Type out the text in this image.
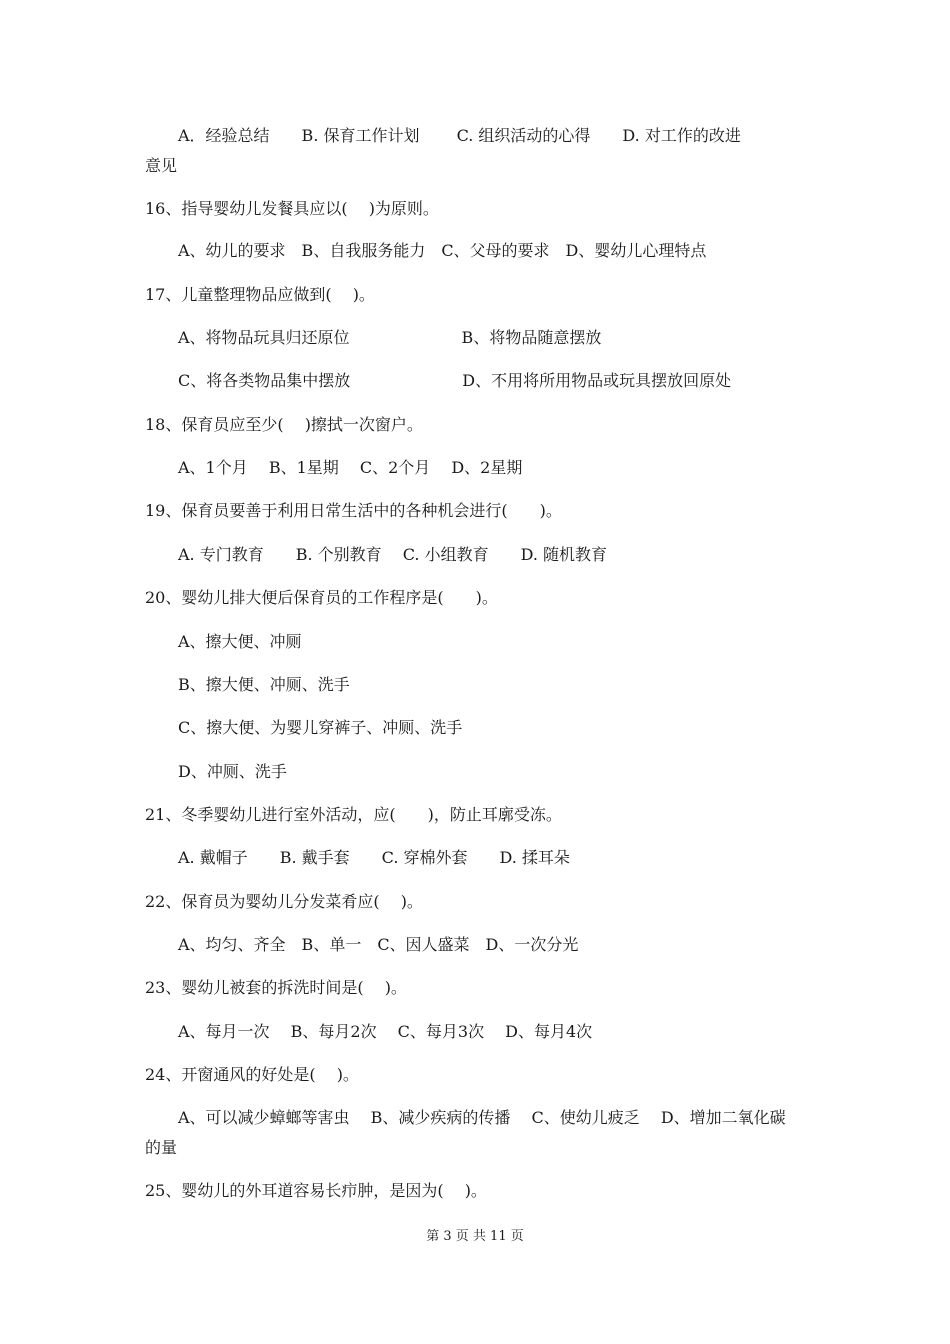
A．经验总结　　B. 保育工作计划　　 C. 组织活动的心得　　D. 对工作的改进

意见

16、指导婴幼儿发餐具应以(　 )为原则。

A、幼儿的要求　B、自我服务能力　C、父母的要求　D、婴幼儿心理特点

17、儿童整理物品应做到(　 )。

A、将物品玩具归还原位　　　　　　　B、将物品随意摆放

C、将各类物品集中摆放　　　　　　　D、不用将所用物品或玩具摆放回原处

18、保育员应至少(　 )擦拭一次窗户。

A、1个月　 B、1星期　 C、2个月　 D、2星期

19、保育员要善于利用日常生活中的各种机会进行(　　)。

A. 专门教育　　B. 个别教育　 C. 小组教育　　D. 随机教育

20、婴幼儿排大便后保育员的工作程序是(　　)。

A、擦大便、冲厕

B、擦大便、冲厕、洗手

C、擦大便、为婴儿穿裤子、冲厕、洗手

D、冲厕、洗手

21、冬季婴幼儿进行室外活动，应(　　)，防止耳廓受冻。

A. 戴帽子　　B. 戴手套　　C. 穿棉外套　　D. 揉耳朵

22、保育员为婴幼儿分发菜肴应(　 )。

A、均匀、齐全　B、单一　C、因人盛菜　D、一次分光

23、婴幼儿被套的拆洗时间是(　 )。

A、每月一次　 B、每月2次　 C、每月3次　 D、每月4次

24、开窗通风的好处是(　 )。

A、可以减少蟑螂等害虫　 B、减少疾病的传播　 C、使幼儿疲乏　 D、增加二氧化碳

的量

25、婴幼儿的外耳道容易长疖肿，是因为(　 )。

第 3 页 共 11 页
